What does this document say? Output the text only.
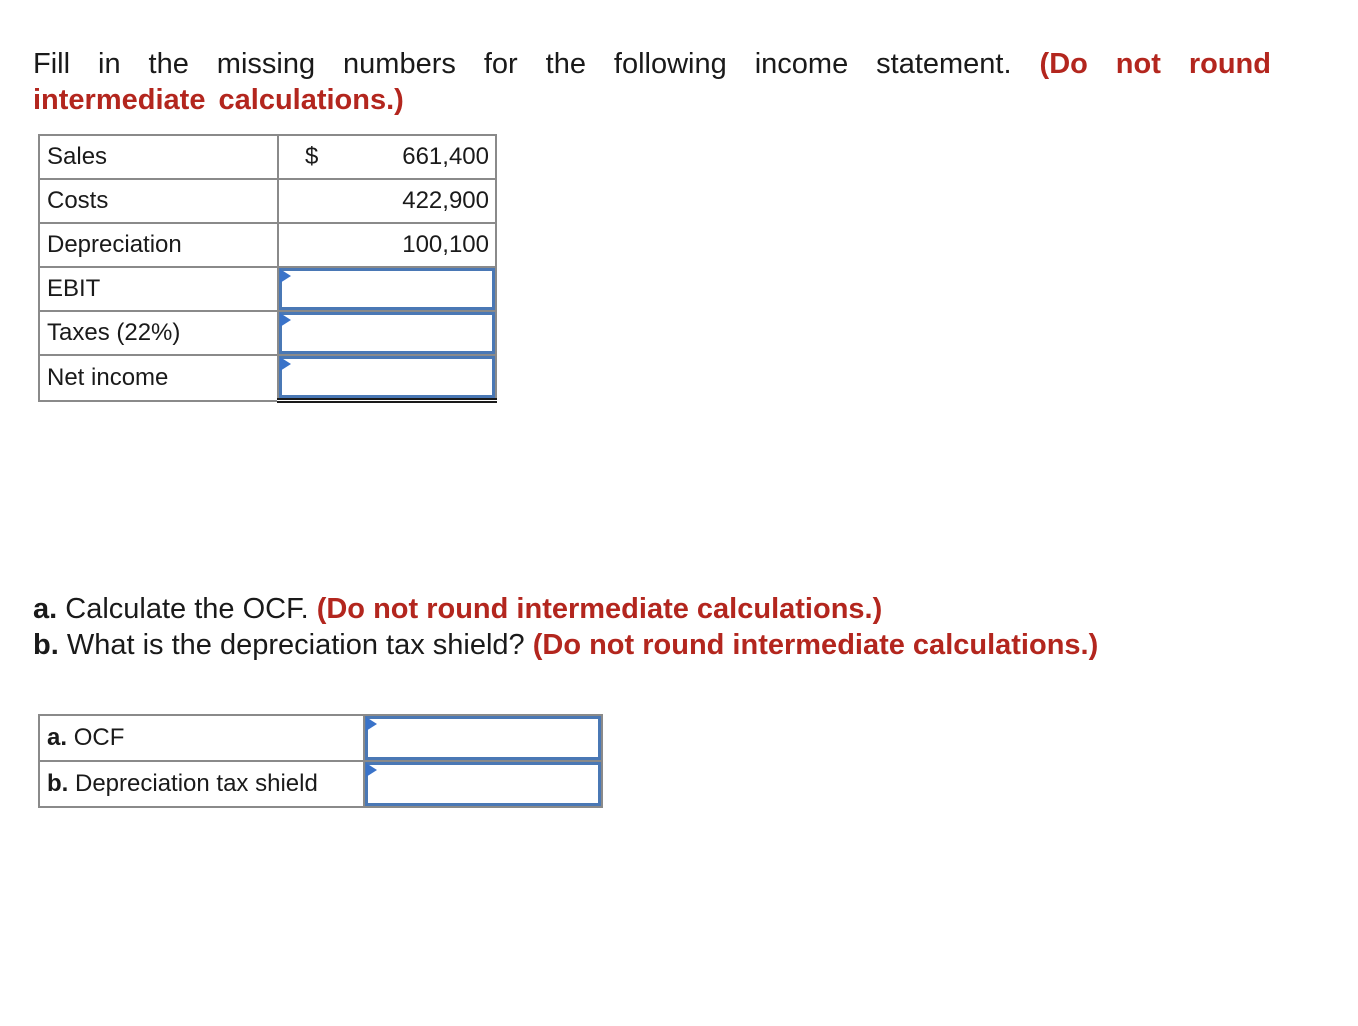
Fill in the missing numbers for the following income statement. (Do not round intermediate calculations.)
Sales	$ 661,400

Costs	422,900

Depreciation	100,100

EBIT	

Taxes (22%)	

Net income	
a. Calculate the OCF. (Do not round intermediate calculations.)
b. What is the depreciation tax shield? (Do not round intermediate calculations.)
a. OCF	

b. Depreciation tax shield	
